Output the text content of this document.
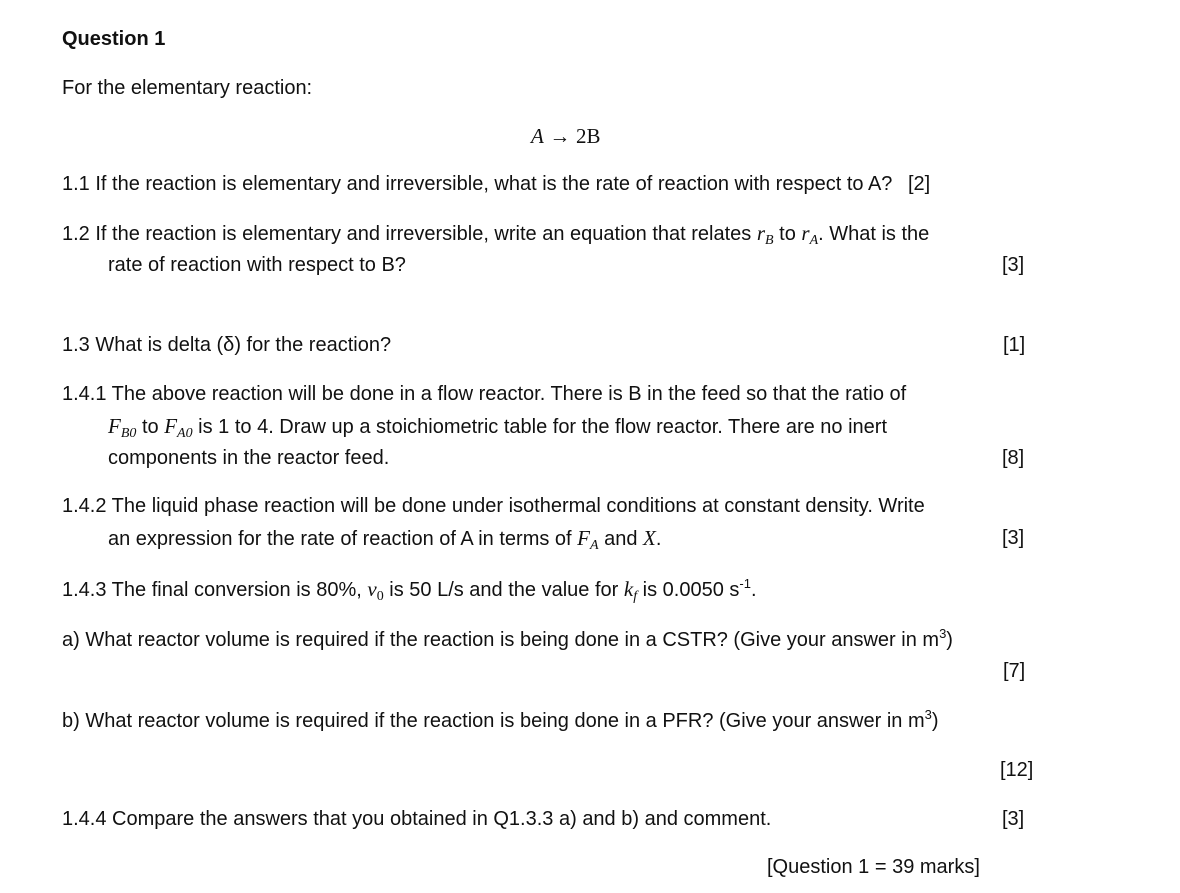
Question 1
For the elementary reaction:
A → 2B
1.1 If the reaction is elementary and irreversible, what is the rate of reaction with respect to A? [2]
1.2 If the reaction is elementary and irreversible, write an equation that relates $r_B$ to $r_A$. What is the
rate of reaction with respect to B?	[3]
1.3 What is delta (δ) for the reaction?	[1]
1.4.1 The above reaction will be done in a flow reactor. There is B in the feed so that the ratio of
$F_{B0}$ to $F_{A0}$ is 1 to 4. Draw up a stoichiometric table for the flow reactor. There are no inert
components in the reactor feed.	[8]
1.4.2 The liquid phase reaction will be done under isothermal conditions at constant density. Write
an expression for the rate of reaction of A in terms of $F_A$ and X.	[3]
1.4.3 The final conversion is 80%, $v_0$ is 50 L/s and the value for $k_f$ is 0.0050 $s^{-1}$.
a) What reactor volume is required if the reaction is being done in a CSTR? (Give your answer in $m^3$)
[7]
b) What reactor volume is required if the reaction is being done in a PFR? (Give your answer in $m^3$)
[12]
1.4.4 Compare the answers that you obtained in Q1.3.3 a) and b) and comment.	[3]
[Question 1 = 39 marks]
